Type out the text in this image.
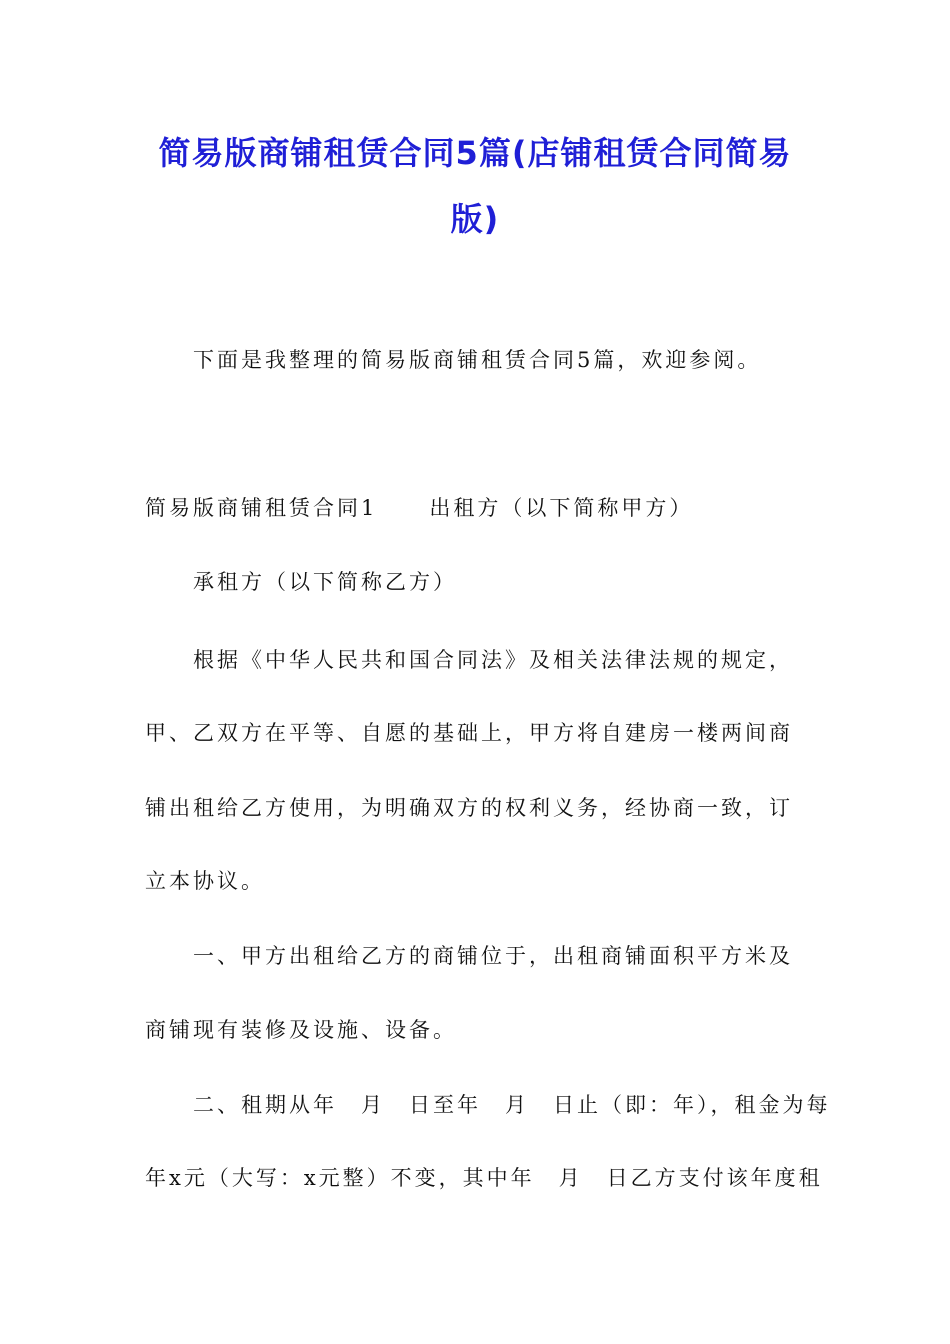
简易版商铺租赁合同5篇(店铺租赁合同简易版)
下面是我整理的简易版商铺租赁合同5篇，欢迎参阅。
简易版商铺租赁合同1 出租方（以下简称甲方）
承租方（以下简称乙方）
根据《中华人民共和国合同法》及相关法律法规的规定，
甲、乙双方在平等、自愿的基础上，甲方将自建房一楼两间商
铺出租给乙方使用，为明确双方的权利义务，经协商一致，订
立本协议。
一、甲方出租给乙方的商铺位于，出租商铺面积平方米及
商铺现有装修及设施、设备。
二、租期从年　月　日至年　月　日止（即：年），租金为每
年x元（大写：x元整）不变，其中年　月　日乙方支付该年度租
